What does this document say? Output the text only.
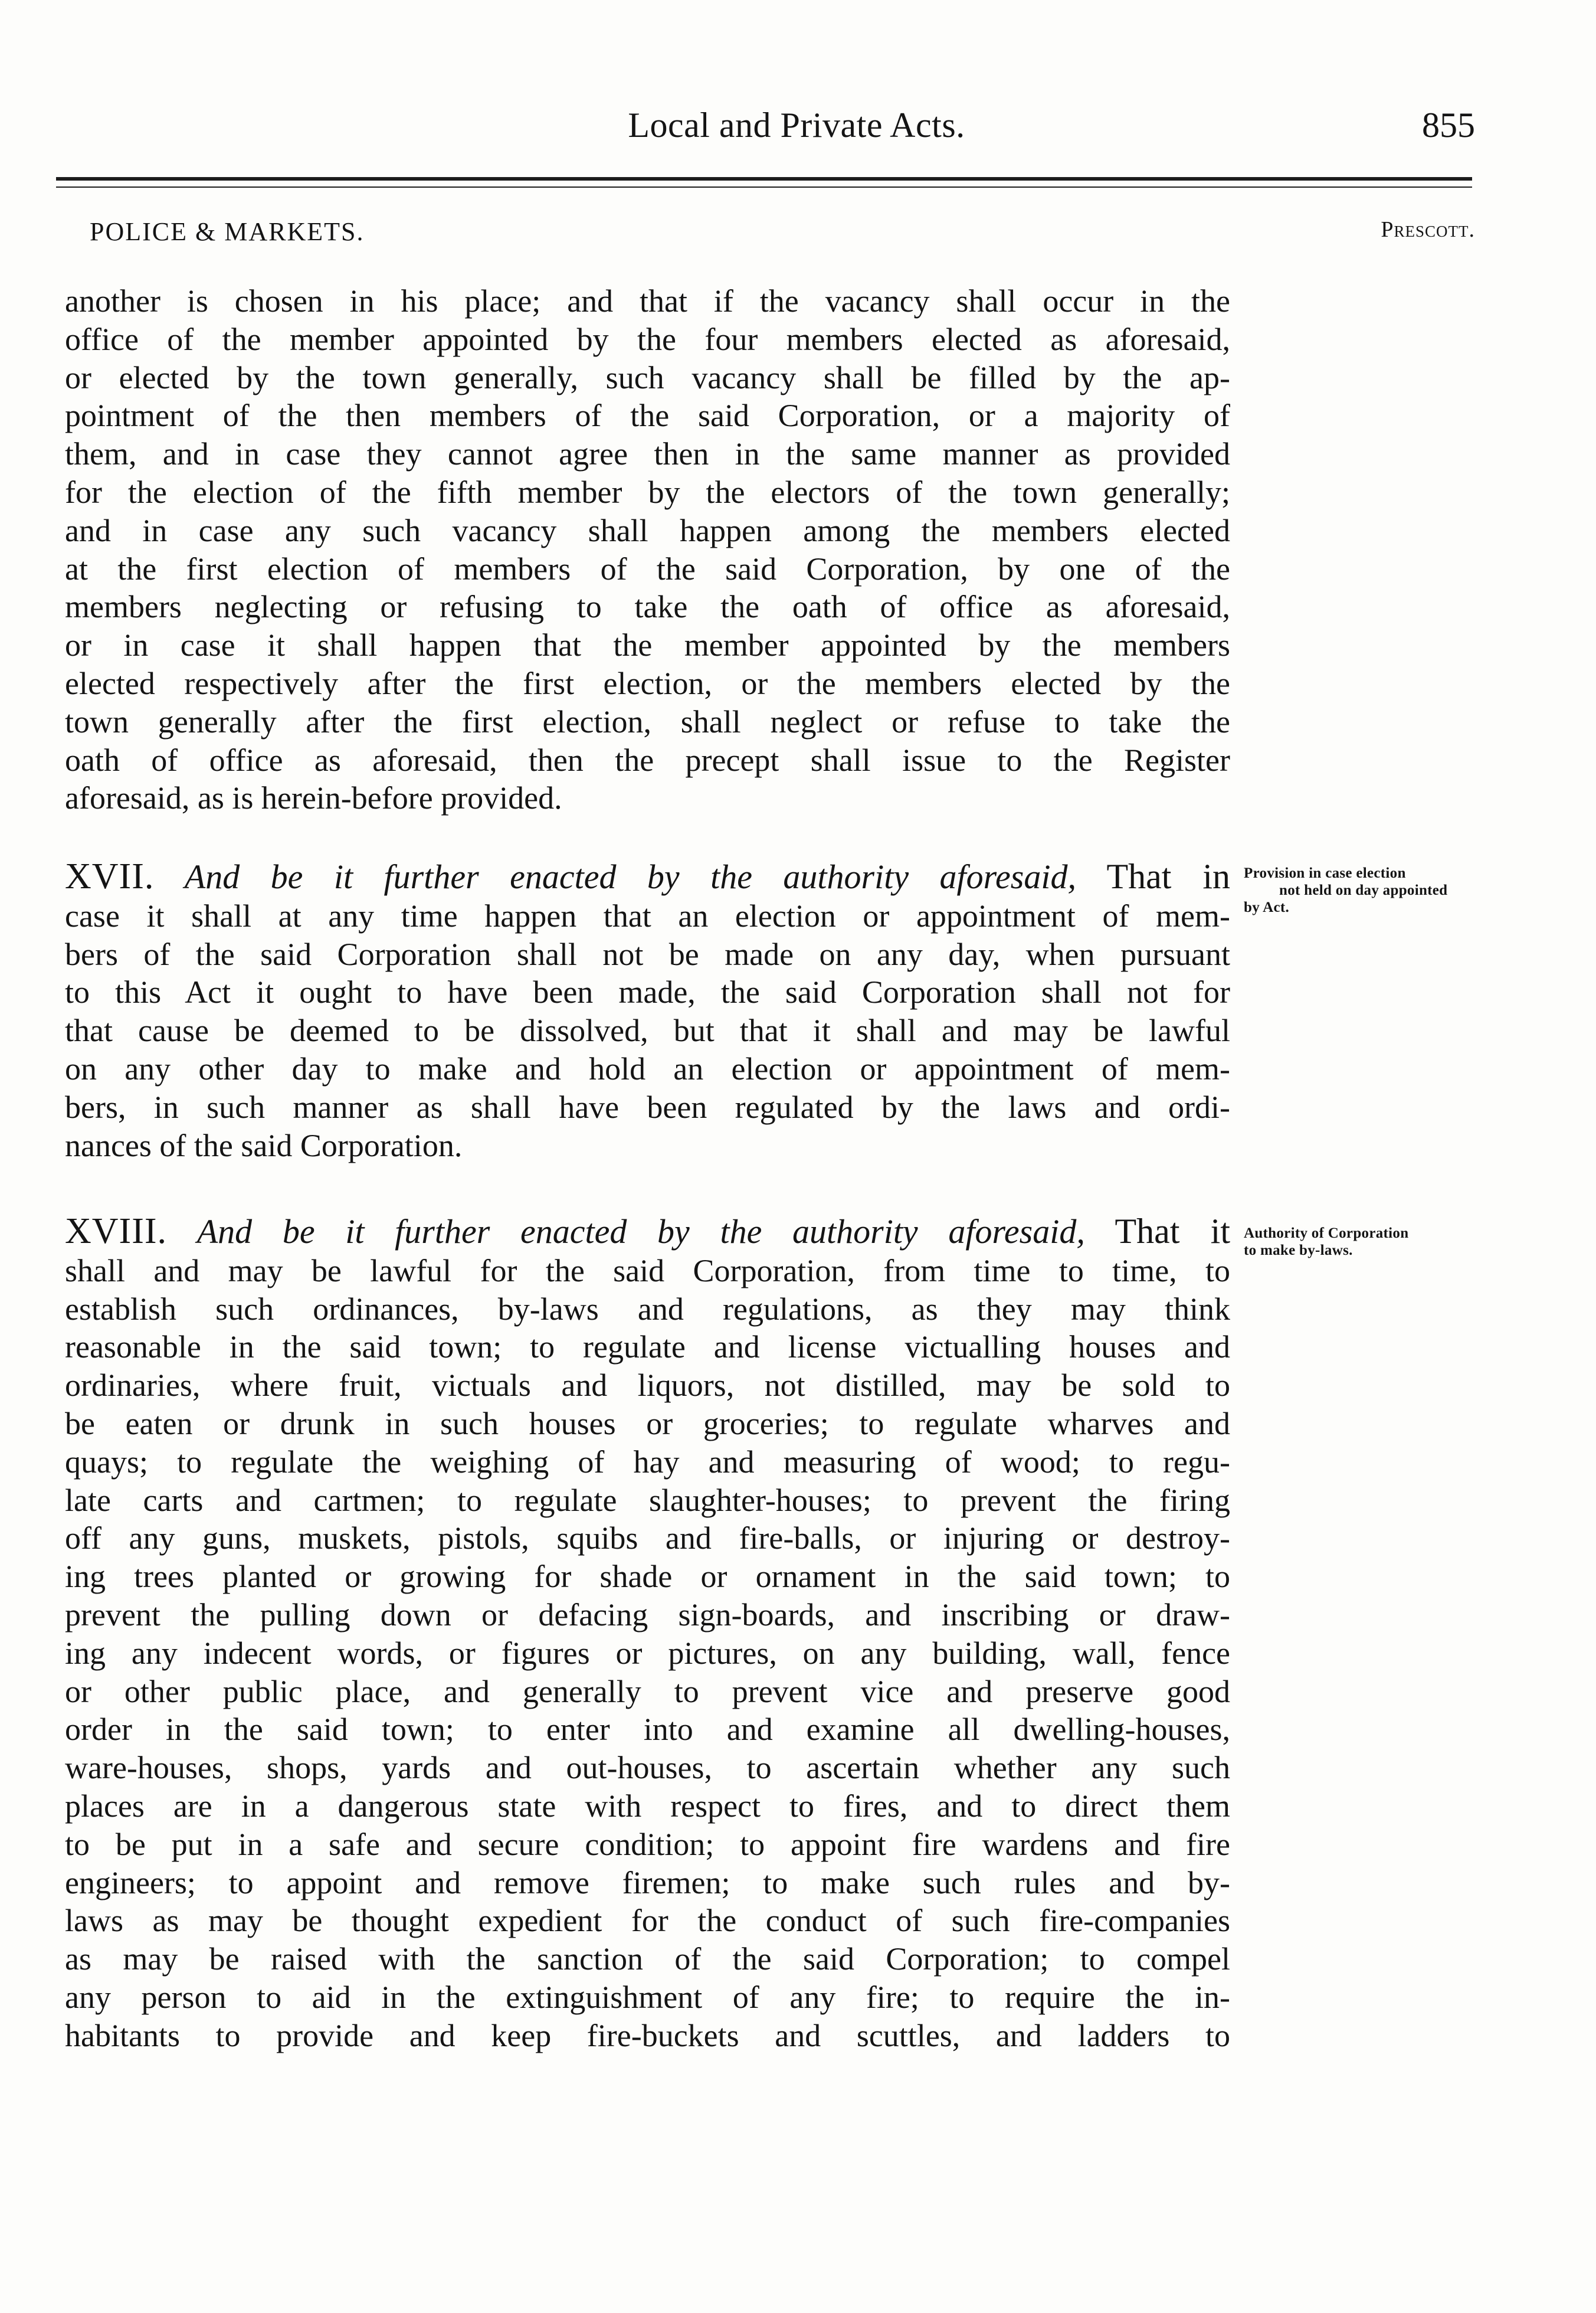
Local and Private Acts.	855
POLICE & MARKETS.	Prescott.

another is chosen in his place; and that if the vacancy shall occur in the

office of the member appointed by the four members elected as aforesaid,

or elected by the town generally, such vacancy shall be filled by the ap-

pointment of the then members of the said Corporation, or a majority of

them, and in case they cannot agree then in the same manner as provided

for the election of the fifth member by the electors of the town generally;

and in case any such vacancy shall happen among the members elected

at the first election of members of the said Corporation, by one of the

members neglecting or refusing to take the oath of office as aforesaid,

or in case it shall happen that the member appointed by the members

elected respectively after the first election, or the members elected by the

town generally after the first election, shall neglect or refuse to take the

oath of office as aforesaid, then the precept shall issue to the Register

aforesaid, as is herein-before provided.

XVII. And be it further enacted by the authority aforesaid, That in

case it shall at any time happen that an election or appointment of mem-

bers of the said Corporation shall not be made on any day, when pursuant

to this Act it ought to have been made, the said Corporation shall not for

that cause be deemed to be dissolved, but that it shall and may be lawful

on any other day to make and hold an election or appointment of mem-

bers, in such manner as shall have been regulated by the laws and ordi-

nances of the said Corporation.

Provision in case election
not held on day appointed
by Act.

XVIII. And be it further enacted by the authority aforesaid, That it

shall and may be lawful for the said Corporation, from time to time, to

establish such ordinances, by-laws and regulations, as they may think

reasonable in the said town; to regulate and license victualling houses and

ordinaries, where fruit, victuals and liquors, not distilled, may be sold to

be eaten or drunk in such houses or groceries; to regulate wharves and

quays; to regulate the weighing of hay and measuring of wood; to regu-

late carts and cartmen; to regulate slaughter-houses; to prevent the firing

off any guns, muskets, pistols, squibs and fire-balls, or injuring or destroy-

ing trees planted or growing for shade or ornament in the said town; to

prevent the pulling down or defacing sign-boards, and inscribing or draw-

ing any indecent words, or figures or pictures, on any building, wall, fence

or other public place, and generally to prevent vice and preserve good

order in the said town; to enter into and examine all dwelling-houses,

ware-houses, shops, yards and out-houses, to ascertain whether any such

places are in a dangerous state with respect to fires, and to direct them

to be put in a safe and secure condition; to appoint fire wardens and fire

engineers; to appoint and remove firemen; to make such rules and by-

laws as may be thought expedient for the conduct of such fire-companies

as may be raised with the sanction of the said Corporation; to compel

any person to aid in the extinguishment of any fire; to require the in-

habitants to provide and keep fire-buckets and scuttles, and ladders to

Authority of Corporation
to make by-laws.
